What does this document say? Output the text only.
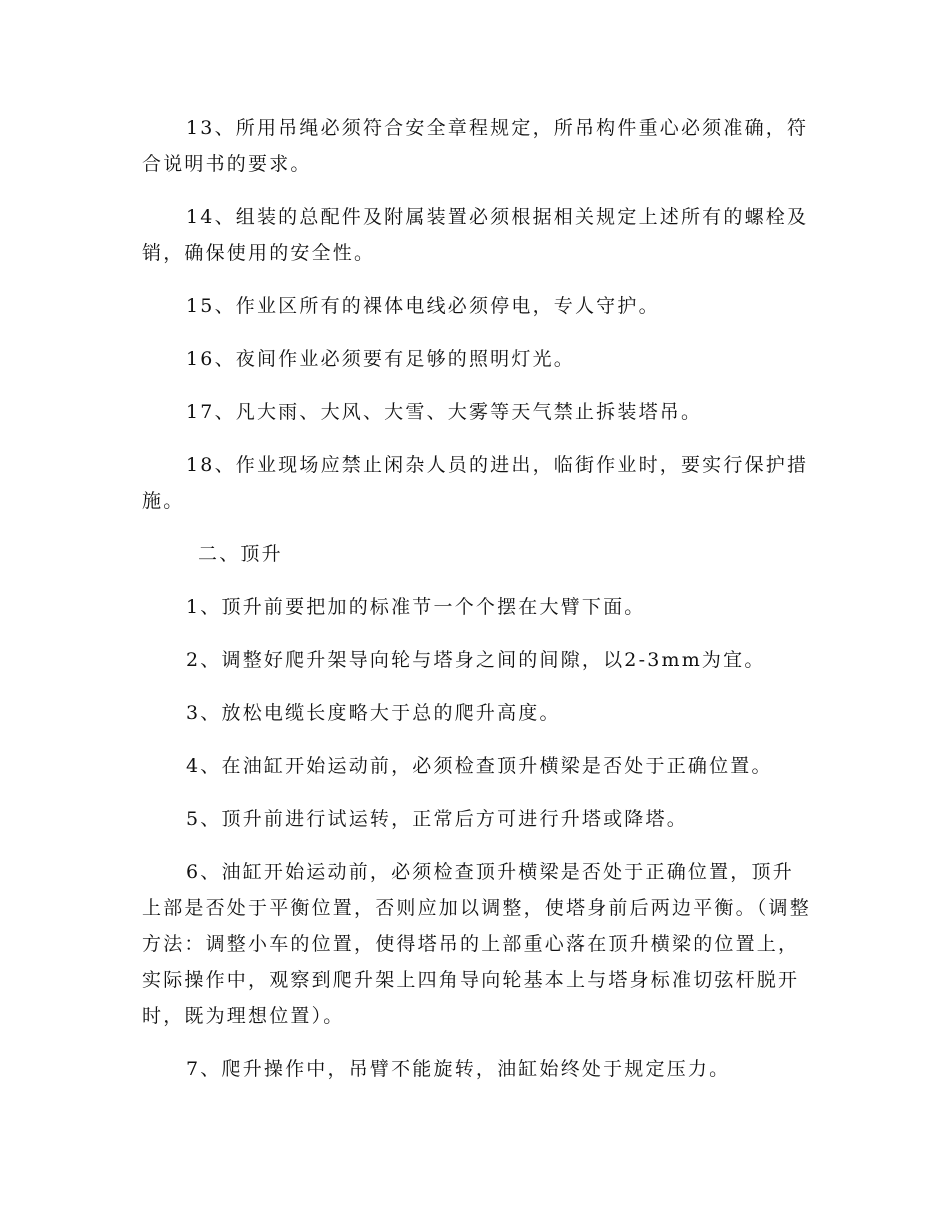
13、所用吊绳必须符合安全章程规定，所吊构件重心必须准确，符合说明书的要求。

14、组装的总配件及附属装置必须根据相关规定上述所有的螺栓及销，确保使用的安全性。

15、作业区所有的裸体电线必须停电，专人守护。

16、夜间作业必须要有足够的照明灯光。

17、凡大雨、大风、大雪、大雾等天气禁止拆装塔吊。

18、作业现场应禁止闲杂人员的进出，临街作业时，要实行保护措施。

二、顶升

1、顶升前要把加的标准节一个个摆在大臂下面。

2、调整好爬升架导向轮与塔身之间的间隙，以2-3mm为宜。

3、放松电缆长度略大于总的爬升高度。

4、在油缸开始运动前，必须检查顶升横梁是否处于正确位置。

5、顶升前进行试运转，正常后方可进行升塔或降塔。

6、油缸开始运动前，必须检查顶升横梁是否处于正确位置，顶升上部是否处于平衡位置，否则应加以调整，使塔身前后两边平衡。（调整方法：调整小车的位置，使得塔吊的上部重心落在顶升横梁的位置上，实际操作中，观察到爬升架上四角导向轮基本上与塔身标准切弦杆脱开时，既为理想位置）。

7、爬升操作中，吊臂不能旋转，油缸始终处于规定压力。
